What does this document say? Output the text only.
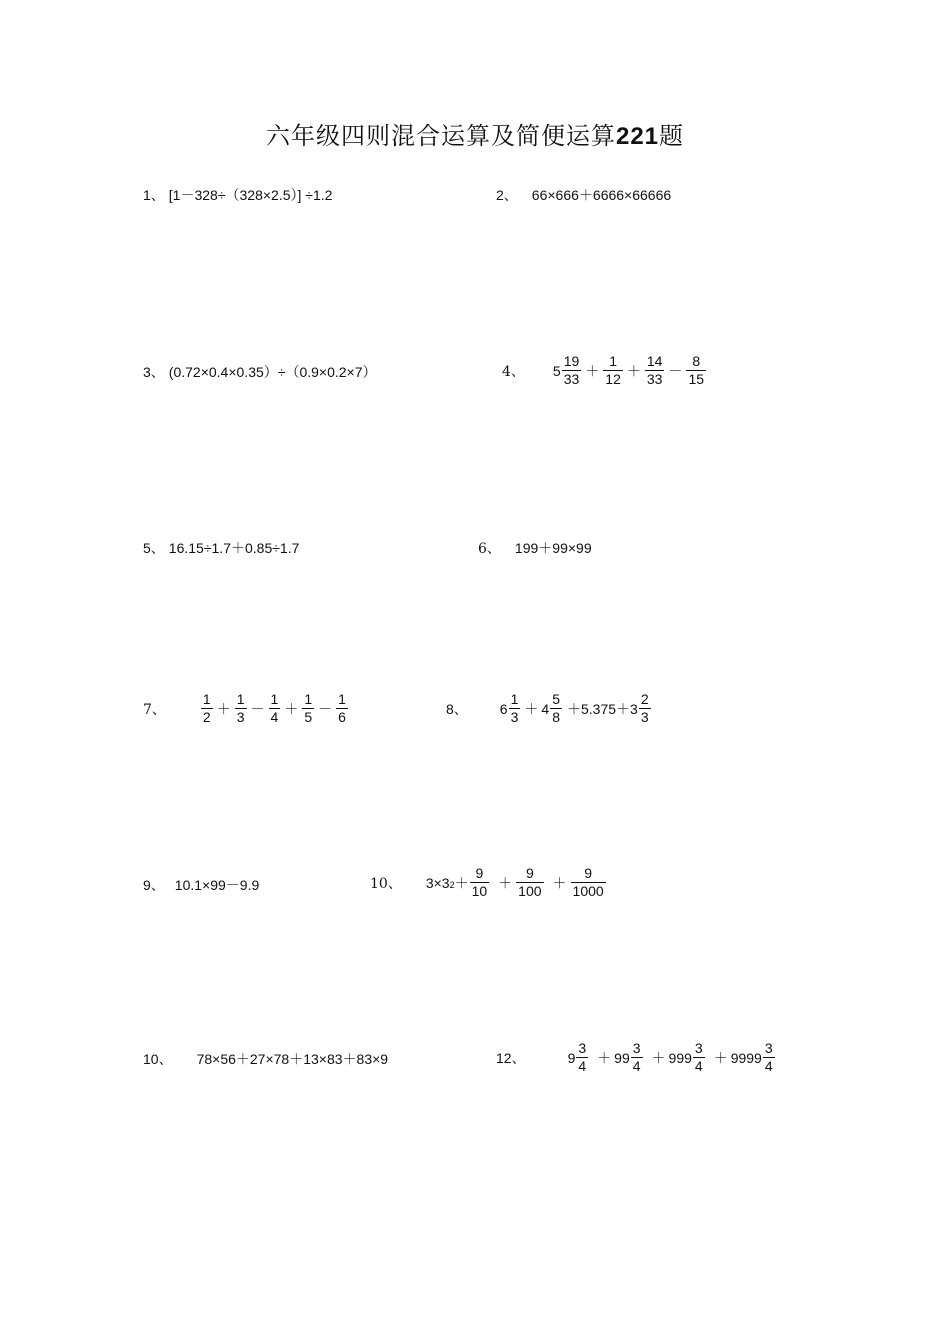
六年级四则混合运算及简便运算221题
1、 [1－328÷（328×2.5）] ÷1.2	2、 66×666＋6666×66666
3、 (0.72×0.4×0.35）÷（0.9×0.2×7）	4、 $5 \frac{19}{33} + \frac{1}{12} + \frac{14}{33} - \frac{8}{15}$
5、 16.15÷1.7＋0.85÷1.7	6、 199＋99×99
7、	$\frac{1}{2} + \frac{1}{3} - \frac{1}{4} + \frac{1}{5} - \frac{1}{6}$	8、 $6 \frac{1}{3} + 4 \frac{5}{8} +5.375+3 \frac{2}{3}$
9、 10.1×99－9.9	10、 3×3 $2 + \frac{9}{10} + \frac{9}{100} + \frac{9}{1000}$
10、 78×56＋27×78＋13×83＋83×9	12、	$9 \frac{3}{4} + 99 \frac{3}{4} + 999 \frac{3}{4} + 9999 \frac{3}{4}$
